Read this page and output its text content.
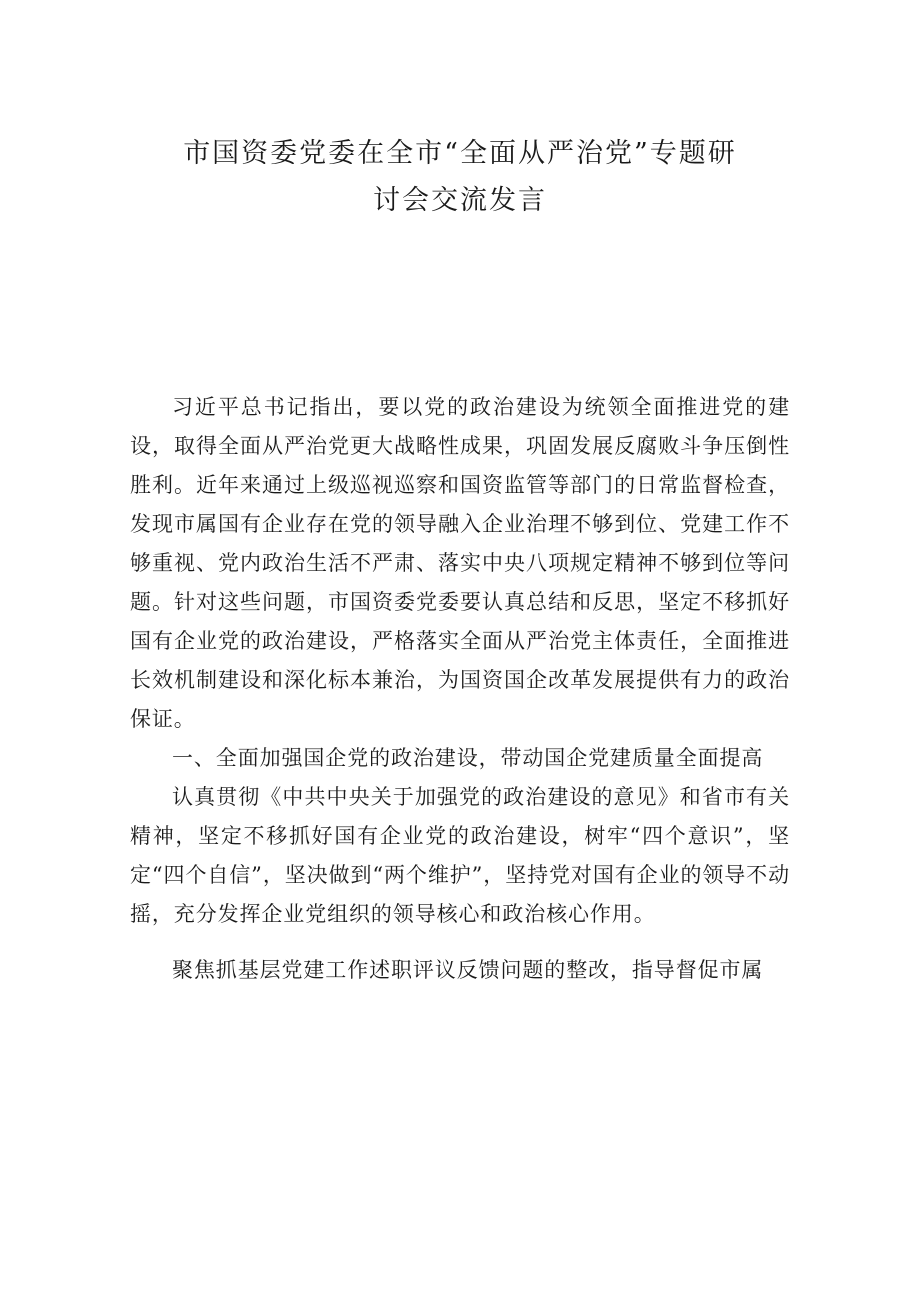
市国资委党委在全市“全面从严治党”专题研
讨会交流发言

习近平总书记指出，要以党的政治建设为统领全面推进党的建设，取得全面从严治党更大战略性成果，巩固发展反腐败斗争压倒性胜利。近年来通过上级巡视巡察和国资监管等部门的日常监督检查，发现市属国有企业存在党的领导融入企业治理不够到位、党建工作不够重视、党内政治生活不严肃、落实中央八项规定精神不够到位等问题。针对这些问题，市国资委党委要认真总结和反思，坚定不移抓好国有企业党的政治建设，严格落实全面从严治党主体责任，全面推进长效机制建设和深化标本兼治，为国资国企改革发展提供有力的政治保证。

一、全面加强国企党的政治建设，带动国企党建质量全面提高

认真贯彻《中共中央关于加强党的政治建设的意见》和省市有关精神，坚定不移抓好国有企业党的政治建设，树牢“四个意识”，坚定“四个自信”，坚决做到“两个维护”，坚持党对国有企业的领导不动摇，充分发挥企业党组织的领导核心和政治核心作用。

聚焦抓基层党建工作述职评议反馈问题的整改，指导督促市属
